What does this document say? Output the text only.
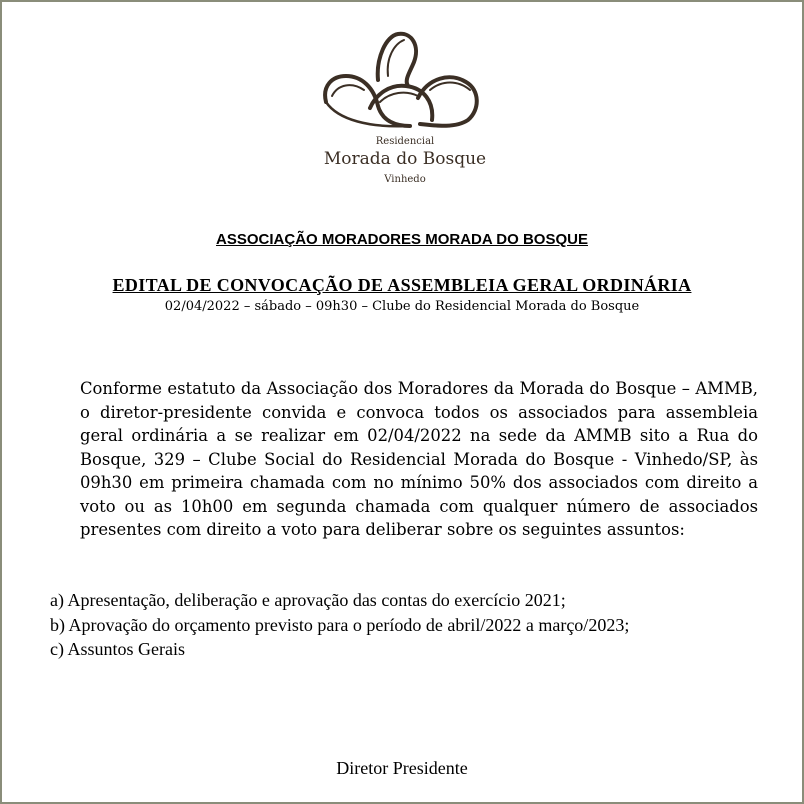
Residencial
Morada do Bosque
Vinhedo
ASSOCIAÇÃO MORADORES MORADA DO BOSQUE
EDITAL DE CONVOCAÇÃO DE ASSEMBLEIA GERAL ORDINÁRIA
02/04/2022 – sábado – 09h30 – Clube do Residencial Morada do Bosque
Conforme estatuto da Associação dos Moradores da Morada do Bosque – AMMB, o diretor-presidente convida e convoca todos os associados para assembleia geral ordinária a se realizar em 02/04/2022 na sede da AMMB sito a Rua do Bosque, 329 – Clube Social do Residencial Morada do Bosque - Vinhedo/SP, às 09h30 em primeira chamada com no mínimo 50% dos associados com direito a voto ou as 10h00 em segunda chamada com qualquer número de associados presentes com direito a voto para deliberar sobre os seguintes assuntos:
a) Apresentação, deliberação e aprovação das contas do exercício 2021;
b) Aprovação do orçamento previsto para o período de abril/2022 a março/2023;
c) Assuntos Gerais
Diretor Presidente
